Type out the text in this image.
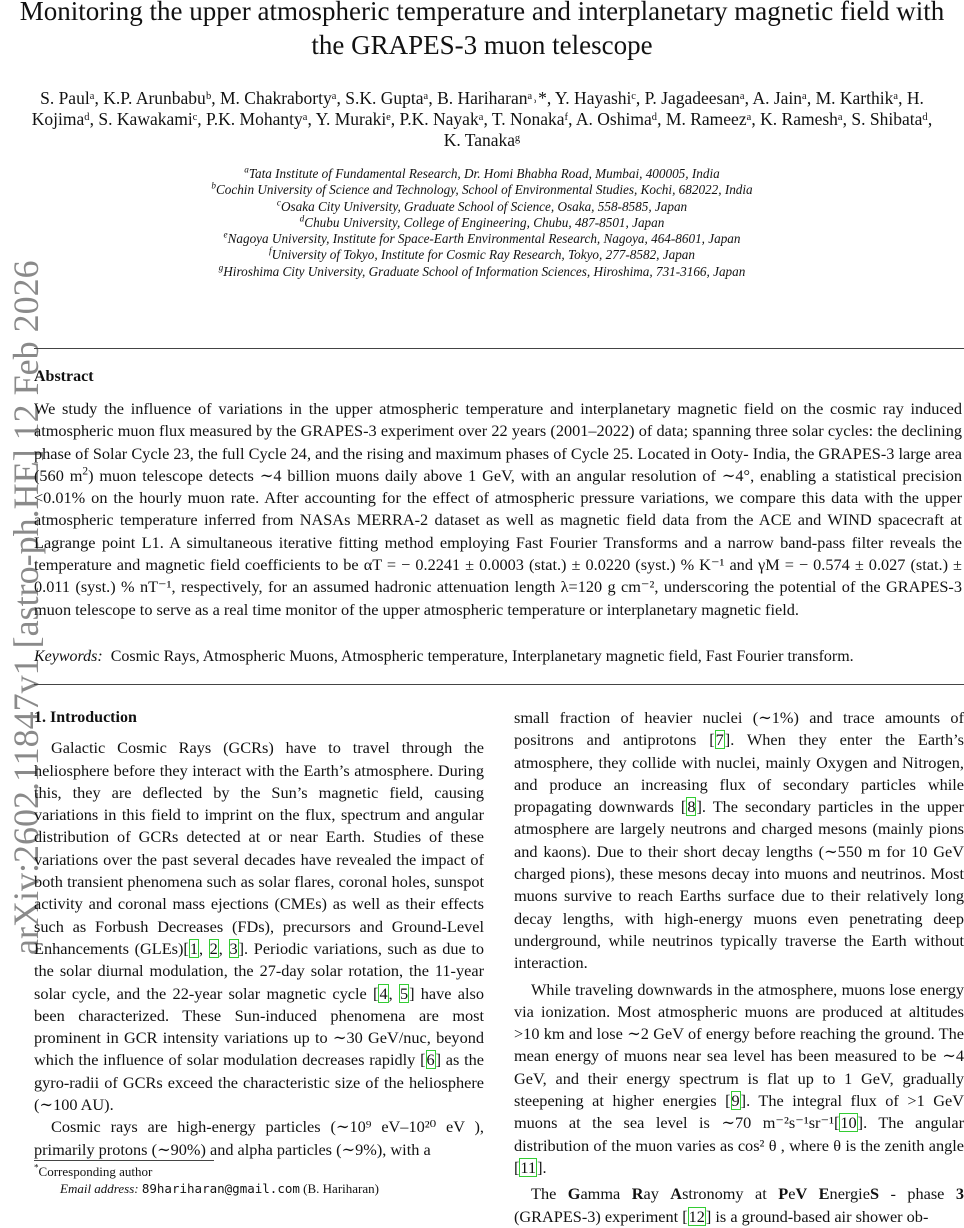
arXiv:2602.11847v1 [astro-ph.HE] 12 Feb 2026
Monitoring the upper atmospheric temperature and interplanetary magnetic field with the GRAPES-3 muon telescope
S. Paulᵃ, K.P. Arunbabuᵇ, M. Chakrabortyᵃ, S.K. Guptaᵃ, B. Hariharanᵃ˒*, Y. Hayashiᶜ, P. Jagadeesanᵃ, A. Jainᵃ, M. Karthikᵃ, H. Kojimaᵈ, S. Kawakamiᶜ, P.K. Mohantyᵃ, Y. Murakiᵉ, P.K. Nayakᵃ, T. Nonakaᶠ, A. Oshimaᵈ, M. Rameezᵃ, K. Rameshᵃ, S. Shibataᵈ, K. Tanakaᵍ
$^a$Tata Institute of Fundamental Research, Dr. Homi Bhabha Road, Mumbai, 400005, India
$^b$Cochin University of Science and Technology, School of Environmental Studies, Kochi, 682022, India
$^c$Osaka City University, Graduate School of Science, Osaka, 558-8585, Japan
$^d$Chubu University, College of Engineering, Chubu, 487-8501, Japan
$^e$Nagoya University, Institute for Space-Earth Environmental Research, Nagoya, 464-8601, Japan
$^f$University of Tokyo, Institute for Cosmic Ray Research, Tokyo, 277-8582, Japan
$^g$Hiroshima City University, Graduate School of Information Sciences, Hiroshima, 731-3166, Japan
Abstract
We study the influence of variations in the upper atmospheric temperature and interplanetary magnetic field on the cosmic ray induced atmospheric muon flux measured by the GRAPES-3 experiment over 22 years (2001–2022) of data; spanning three solar cycles: the declining phase of Solar Cycle 23, the full Cycle 24, and the rising and maximum phases of Cycle 25. Located in Ooty- India, the GRAPES-3 large area (560 $m^2$) muon telescope detects ∼4 billion muons daily above 1 GeV, with an angular resolution of ∼4°, enabling a statistical precision <0.01% on the hourly muon rate. After accounting for the effect of atmospheric pressure variations, we compare this data with the upper atmospheric temperature inferred from NASAs MERRA-2 dataset as well as magnetic field data from the ACE and WIND spacecraft at Lagrange point L1. A simultaneous iterative fitting method employing Fast Fourier Transforms and a narrow band-pass filter reveals the temperature and magnetic field coefficients to be αT = − 0.2241 ± 0.0003 (stat.) ± 0.0220 (syst.) % K⁻¹ and γM = − 0.574 ± 0.027 (stat.) ± 0.011 (syst.) % nT⁻¹, respectively, for an assumed hadronic attenuation length λ=120 g cm⁻², underscoring the potential of the GRAPES-3 muon telescope to serve as a real time monitor of the upper atmospheric temperature or interplanetary magnetic field.
Keywords: Cosmic Rays, Atmospheric Muons, Atmospheric temperature, Interplanetary magnetic field, Fast Fourier transform.
1. Introduction

Galactic Cosmic Rays (GCRs) have to travel through the heliosphere before they interact with the Earth’s atmosphere. During this, they are deflected by the Sun’s magnetic field, causing variations in this field to imprint on the flux, spectrum and angular distribution of GCRs detected at or near Earth. Studies of these variations over the past several decades have revealed the impact of both transient phenomena such as solar flares, coronal holes, sunspot activity and coronal mass ejections (CMEs) as well as their effects such as Forbush Decreases (FDs), precursors and Ground-Level Enhancements (GLEs)[1, 2, 3]. Periodic variations, such as due to the solar diurnal modulation, the 27-day solar rotation, the 11-year solar cycle, and the 22-year solar magnetic cycle [4, 5] have also been characterized. These Sun-induced phenomena are most prominent in GCR intensity variations up to ∼30 GeV/nuc, beyond which the influence of solar modulation decreases rapidly [6] as the gyro-radii of GCRs exceed the characteristic size of the heliosphere (∼100 AU).

Cosmic rays are high-energy particles (∼10⁹ eV–10²⁰ eV ), primarily protons (∼90%) and alpha particles (∼9%), with a

small fraction of heavier nuclei (∼1%) and trace amounts of positrons and antiprotons [7]. When they enter the Earth’s atmosphere, they collide with nuclei, mainly Oxygen and Nitrogen, and produce an increasing flux of secondary particles while propagating downwards [8]. The secondary particles in the upper atmosphere are largely neutrons and charged mesons (mainly pions and kaons). Due to their short decay lengths (∼550 m for 10 GeV charged pions), these mesons decay into muons and neutrinos. Most muons survive to reach Earths surface due to their relatively long decay lengths, with high-energy muons even penetrating deep underground, while neutrinos typically traverse the Earth without interaction.

While traveling downwards in the atmosphere, muons lose energy via ionization. Most atmospheric muons are produced at altitudes >10 km and lose ∼2 GeV of energy before reaching the ground. The mean energy of muons near sea level has been measured to be ∼4 GeV, and their energy spectrum is flat up to 1 GeV, gradually steepening at higher energies [9]. The integral flux of >1 GeV muons at the sea level is ∼70 m⁻²s⁻¹sr⁻¹[10]. The angular distribution of the muon varies as cos² θ , where θ is the zenith angle [11].

The Gamma Ray Astronomy at PeV EnergieS - phase 3 (GRAPES-3) experiment [12] is a ground-based air shower ob-

*Corresponding author
Email address: 89hariharan@gmail.com (B. Hariharan)
